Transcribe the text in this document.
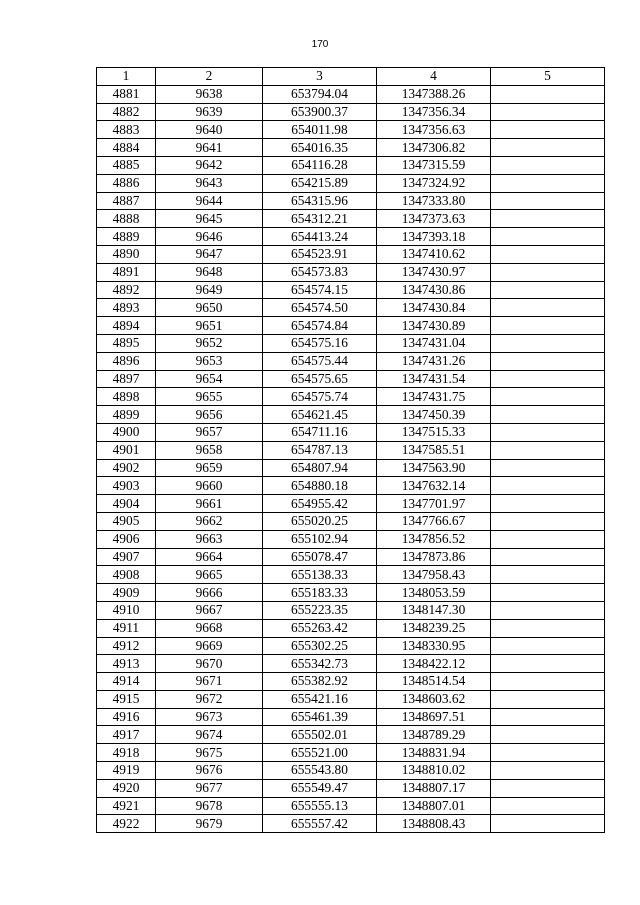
170
1	2	3	4	5
4881	9638	653794.04	1347388.26	
4882	9639	653900.37	1347356.34	
4883	9640	654011.98	1347356.63	
4884	9641	654016.35	1347306.82	
4885	9642	654116.28	1347315.59	
4886	9643	654215.89	1347324.92	
4887	9644	654315.96	1347333.80	
4888	9645	654312.21	1347373.63	
4889	9646	654413.24	1347393.18	
4890	9647	654523.91	1347410.62	
4891	9648	654573.83	1347430.97	
4892	9649	654574.15	1347430.86	
4893	9650	654574.50	1347430.84	
4894	9651	654574.84	1347430.89	
4895	9652	654575.16	1347431.04	
4896	9653	654575.44	1347431.26	
4897	9654	654575.65	1347431.54	
4898	9655	654575.74	1347431.75	
4899	9656	654621.45	1347450.39	
4900	9657	654711.16	1347515.33	
4901	9658	654787.13	1347585.51	
4902	9659	654807.94	1347563.90	
4903	9660	654880.18	1347632.14	
4904	9661	654955.42	1347701.97	
4905	9662	655020.25	1347766.67	
4906	9663	655102.94	1347856.52	
4907	9664	655078.47	1347873.86	
4908	9665	655138.33	1347958.43	
4909	9666	655183.33	1348053.59	
4910	9667	655223.35	1348147.30	
4911	9668	655263.42	1348239.25	
4912	9669	655302.25	1348330.95	
4913	9670	655342.73	1348422.12	
4914	9671	655382.92	1348514.54	
4915	9672	655421.16	1348603.62	
4916	9673	655461.39	1348697.51	
4917	9674	655502.01	1348789.29	
4918	9675	655521.00	1348831.94	
4919	9676	655543.80	1348810.02	
4920	9677	655549.47	1348807.17	
4921	9678	655555.13	1348807.01	
4922	9679	655557.42	1348808.43	
